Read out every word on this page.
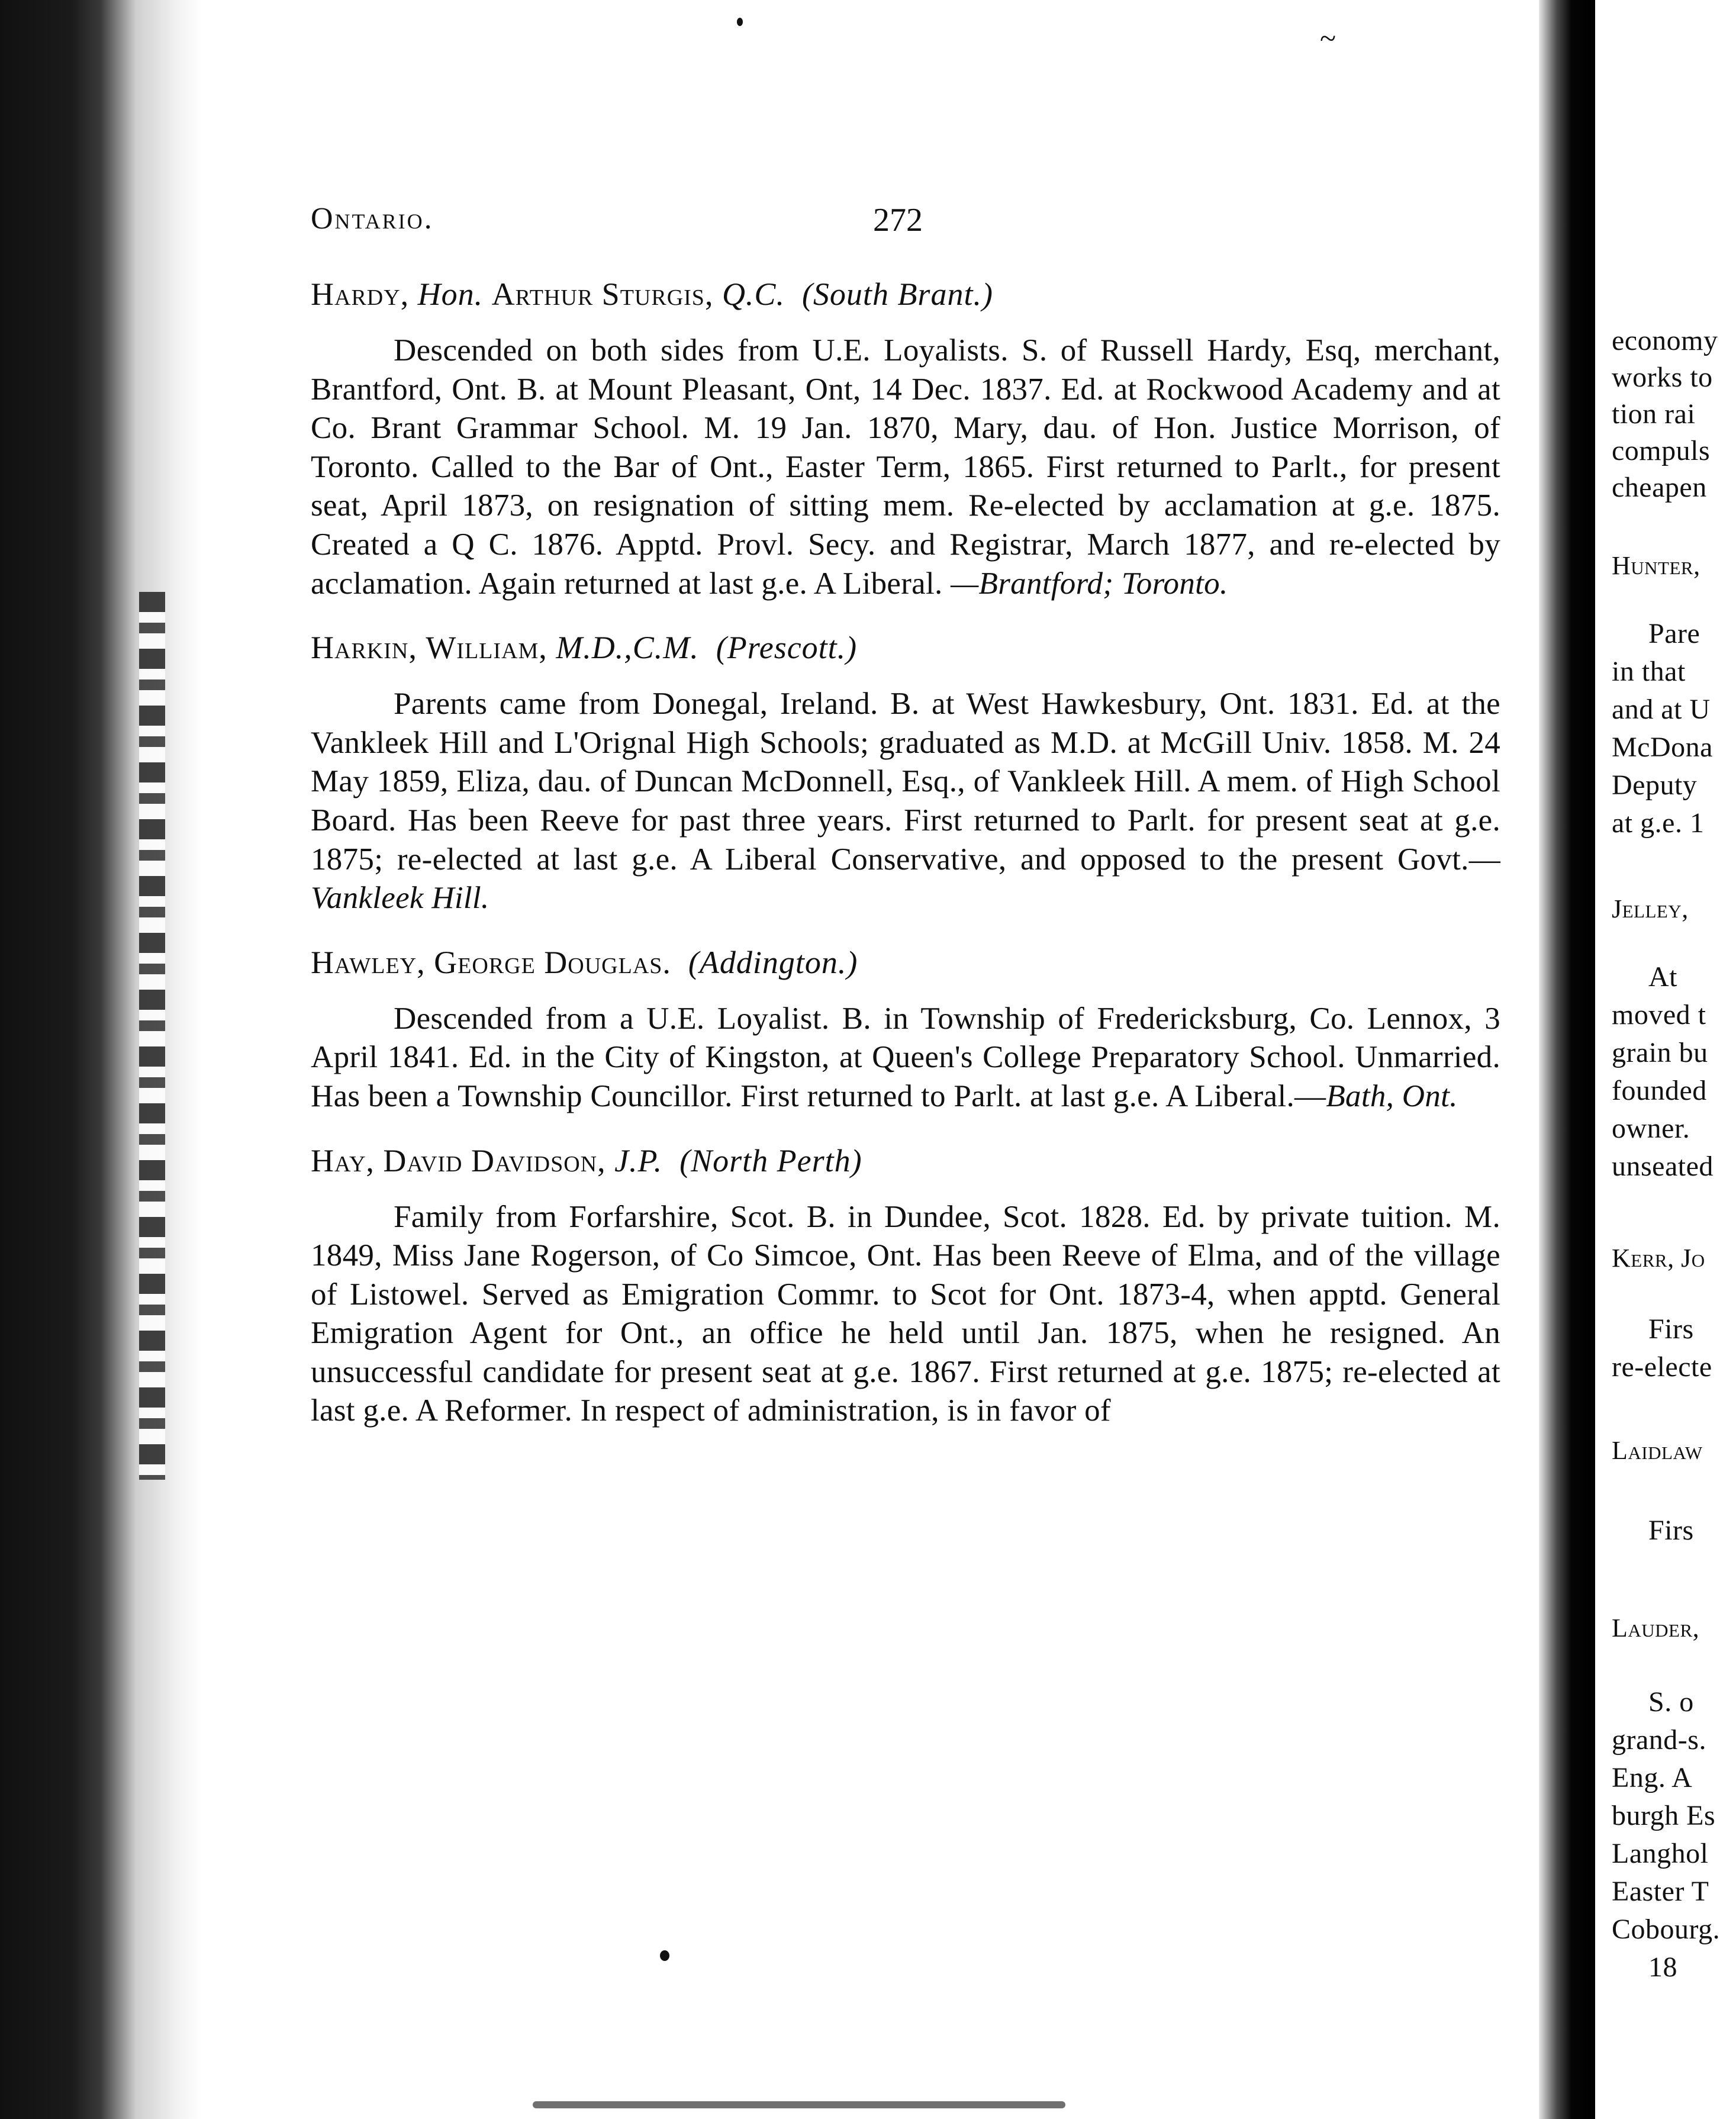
~
Ontario.	272
Hardy, Hon. Arthur Sturgis, Q.C. (South Brant.)

Descended on both sides from U.E. Loyalists. S. of Russell Hardy, Esq, merchant, Brantford, Ont. B. at Mount Pleasant, Ont, 14 Dec. 1837. Ed. at Rockwood Academy and at Co. Brant Grammar School. M. 19 Jan. 1870, Mary, dau. of Hon. Justice Morrison, of Toronto. Called to the Bar of Ont., Easter Term, 1865. First returned to Parlt., for present seat, April 1873, on resignation of sitting mem. Re-elected by acclamation at g.e. 1875. Created a Q C. 1876. Apptd. Provl. Secy. and Registrar, March 1877, and re-elected by acclamation. Again returned at last g.e. A Liberal. —Brantford; Toronto.

Harkin, William, M.D.,C.M. (Prescott.)

Parents came from Donegal, Ireland. B. at West Hawkesbury, Ont. 1831. Ed. at the Vankleek Hill and L'Orignal High Schools; graduated as M.D. at McGill Univ. 1858. M. 24 May 1859, Eliza, dau. of Duncan McDonnell, Esq., of Vankleek Hill. A mem. of High School Board. Has been Reeve for past three years. First returned to Parlt. for present seat at g.e. 1875; re-elected at last g.e. A Liberal Conservative, and opposed to the present Govt.— Vankleek Hill.

Hawley, George Douglas. (Addington.)

Descended from a U.E. Loyalist. B. in Township of Fredericksburg, Co. Lennox, 3 April 1841. Ed. in the City of Kingston, at Queen's College Preparatory School. Unmarried. Has been a Township Councillor. First returned to Parlt. at last g.e. A Liberal.—Bath, Ont.

Hay, David Davidson, J.P. (North Perth)

Family from Forfarshire, Scot. B. in Dundee, Scot. 1828. Ed. by private tuition. M. 1849, Miss Jane Rogerson, of Co Simcoe, Ont. Has been Reeve of Elma, and of the village of Listowel. Served as Emigration Commr. to Scot for Ont. 1873-4, when apptd. General Emigration Agent for Ont., an office he held until Jan. 1875, when he resigned. An unsuccessful candidate for present seat at g.e. 1867. First returned at g.e. 1875; re-elected at last g.e. A Reformer. In respect of administration, is in favor of

economy
works to
tion rai
compuls
cheapen
Hunter,
Pare
in that
and at U
McDona
Deputy
at g.e. 1
Jelley,
At
moved t
grain bu
founded
owner.
unseated
Kerr, Jo
Firs
re-electe
Laidlaw
Firs
Lauder,
S. o
grand-s.
Eng. A
burgh Es
Langhol
Easter T
Cobourg.
18
